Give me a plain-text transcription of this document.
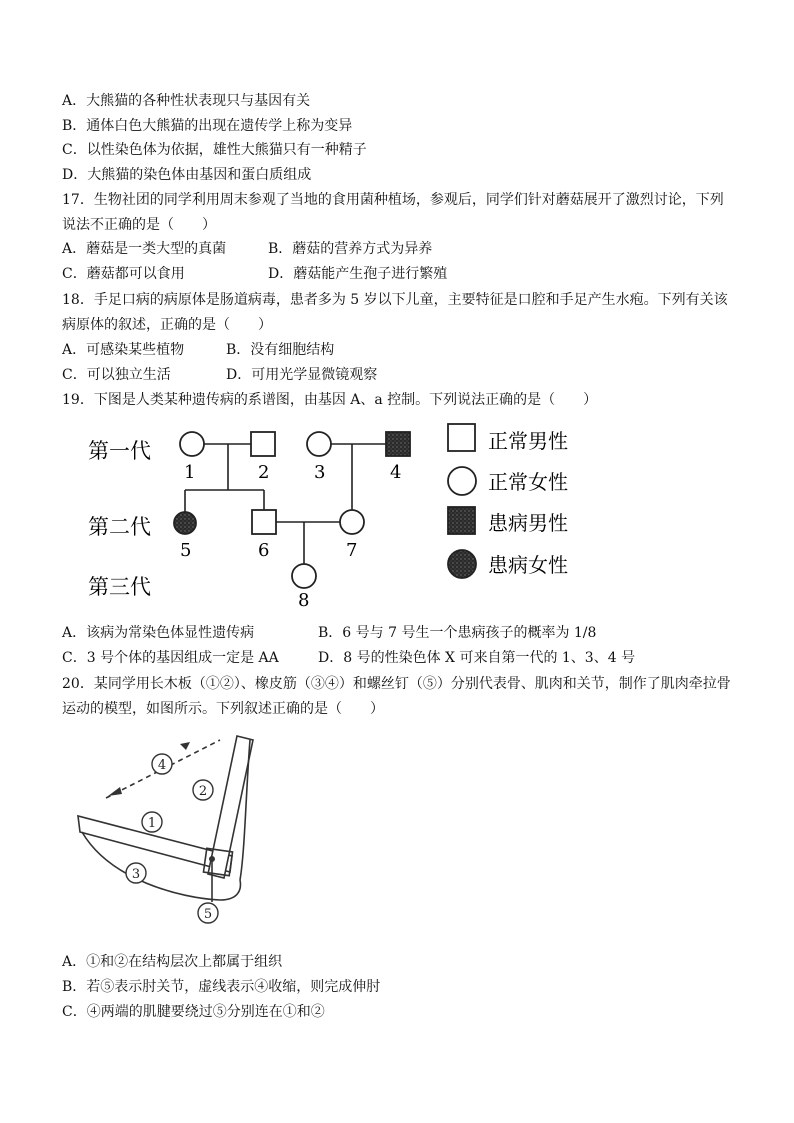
A．大熊猫的各种性状表现只与基因有关
B．通体白色大熊猫的出现在遗传学上称为变异
C．以性染色体为依据，雄性大熊猫只有一种精子
D．大熊猫的染色体由基因和蛋白质组成
17．生物社团的同学利用周末参观了当地的食用菌种植场，参观后，同学们针对蘑菇展开了激烈讨论，下列
说法不正确的是（　　）
A．蘑菇是一类大型的真菌	B．蘑菇的营养方式为异养
C．蘑菇都可以食用	D．蘑菇能产生孢子进行繁殖
18．手足口病的病原体是肠道病毒，患者多为 5 岁以下儿童，主要特征是口腔和手足产生水疱。下列有关该
病原体的叙述，正确的是（　　）
A．可感染某些植物	B．没有细胞结构
C．可以独立生活	D．可用光学显微镜观察
19．下图是人类某种遗传病的系谱图，由基因 A、a 控制。下列说法正确的是（　　）
第一代
第二代
第三代
1	2 3	4
5	6	7
8
正常男性
正常女性
患病男性
患病女性
A．该病为常染色体显性遗传病	B．6 号与 7 号生一个患病孩子的概率为 1/8
C．3 号个体的基因组成一定是 AA	D．8 号的性染色体 X 可来自第一代的 1、3、4 号
20．某同学用长木板（①②）、橡皮筋（③④）和螺丝钉（⑤）分别代表骨、肌肉和关节，制作了肌肉牵拉骨
运动的模型，如图所示。下列叙述正确的是（　　）
4
2
1
3
5
A．①和②在结构层次上都属于组织
B．若⑤表示肘关节，虚线表示④收缩，则完成伸肘
C．④两端的肌腱要绕过⑤分别连在①和②
